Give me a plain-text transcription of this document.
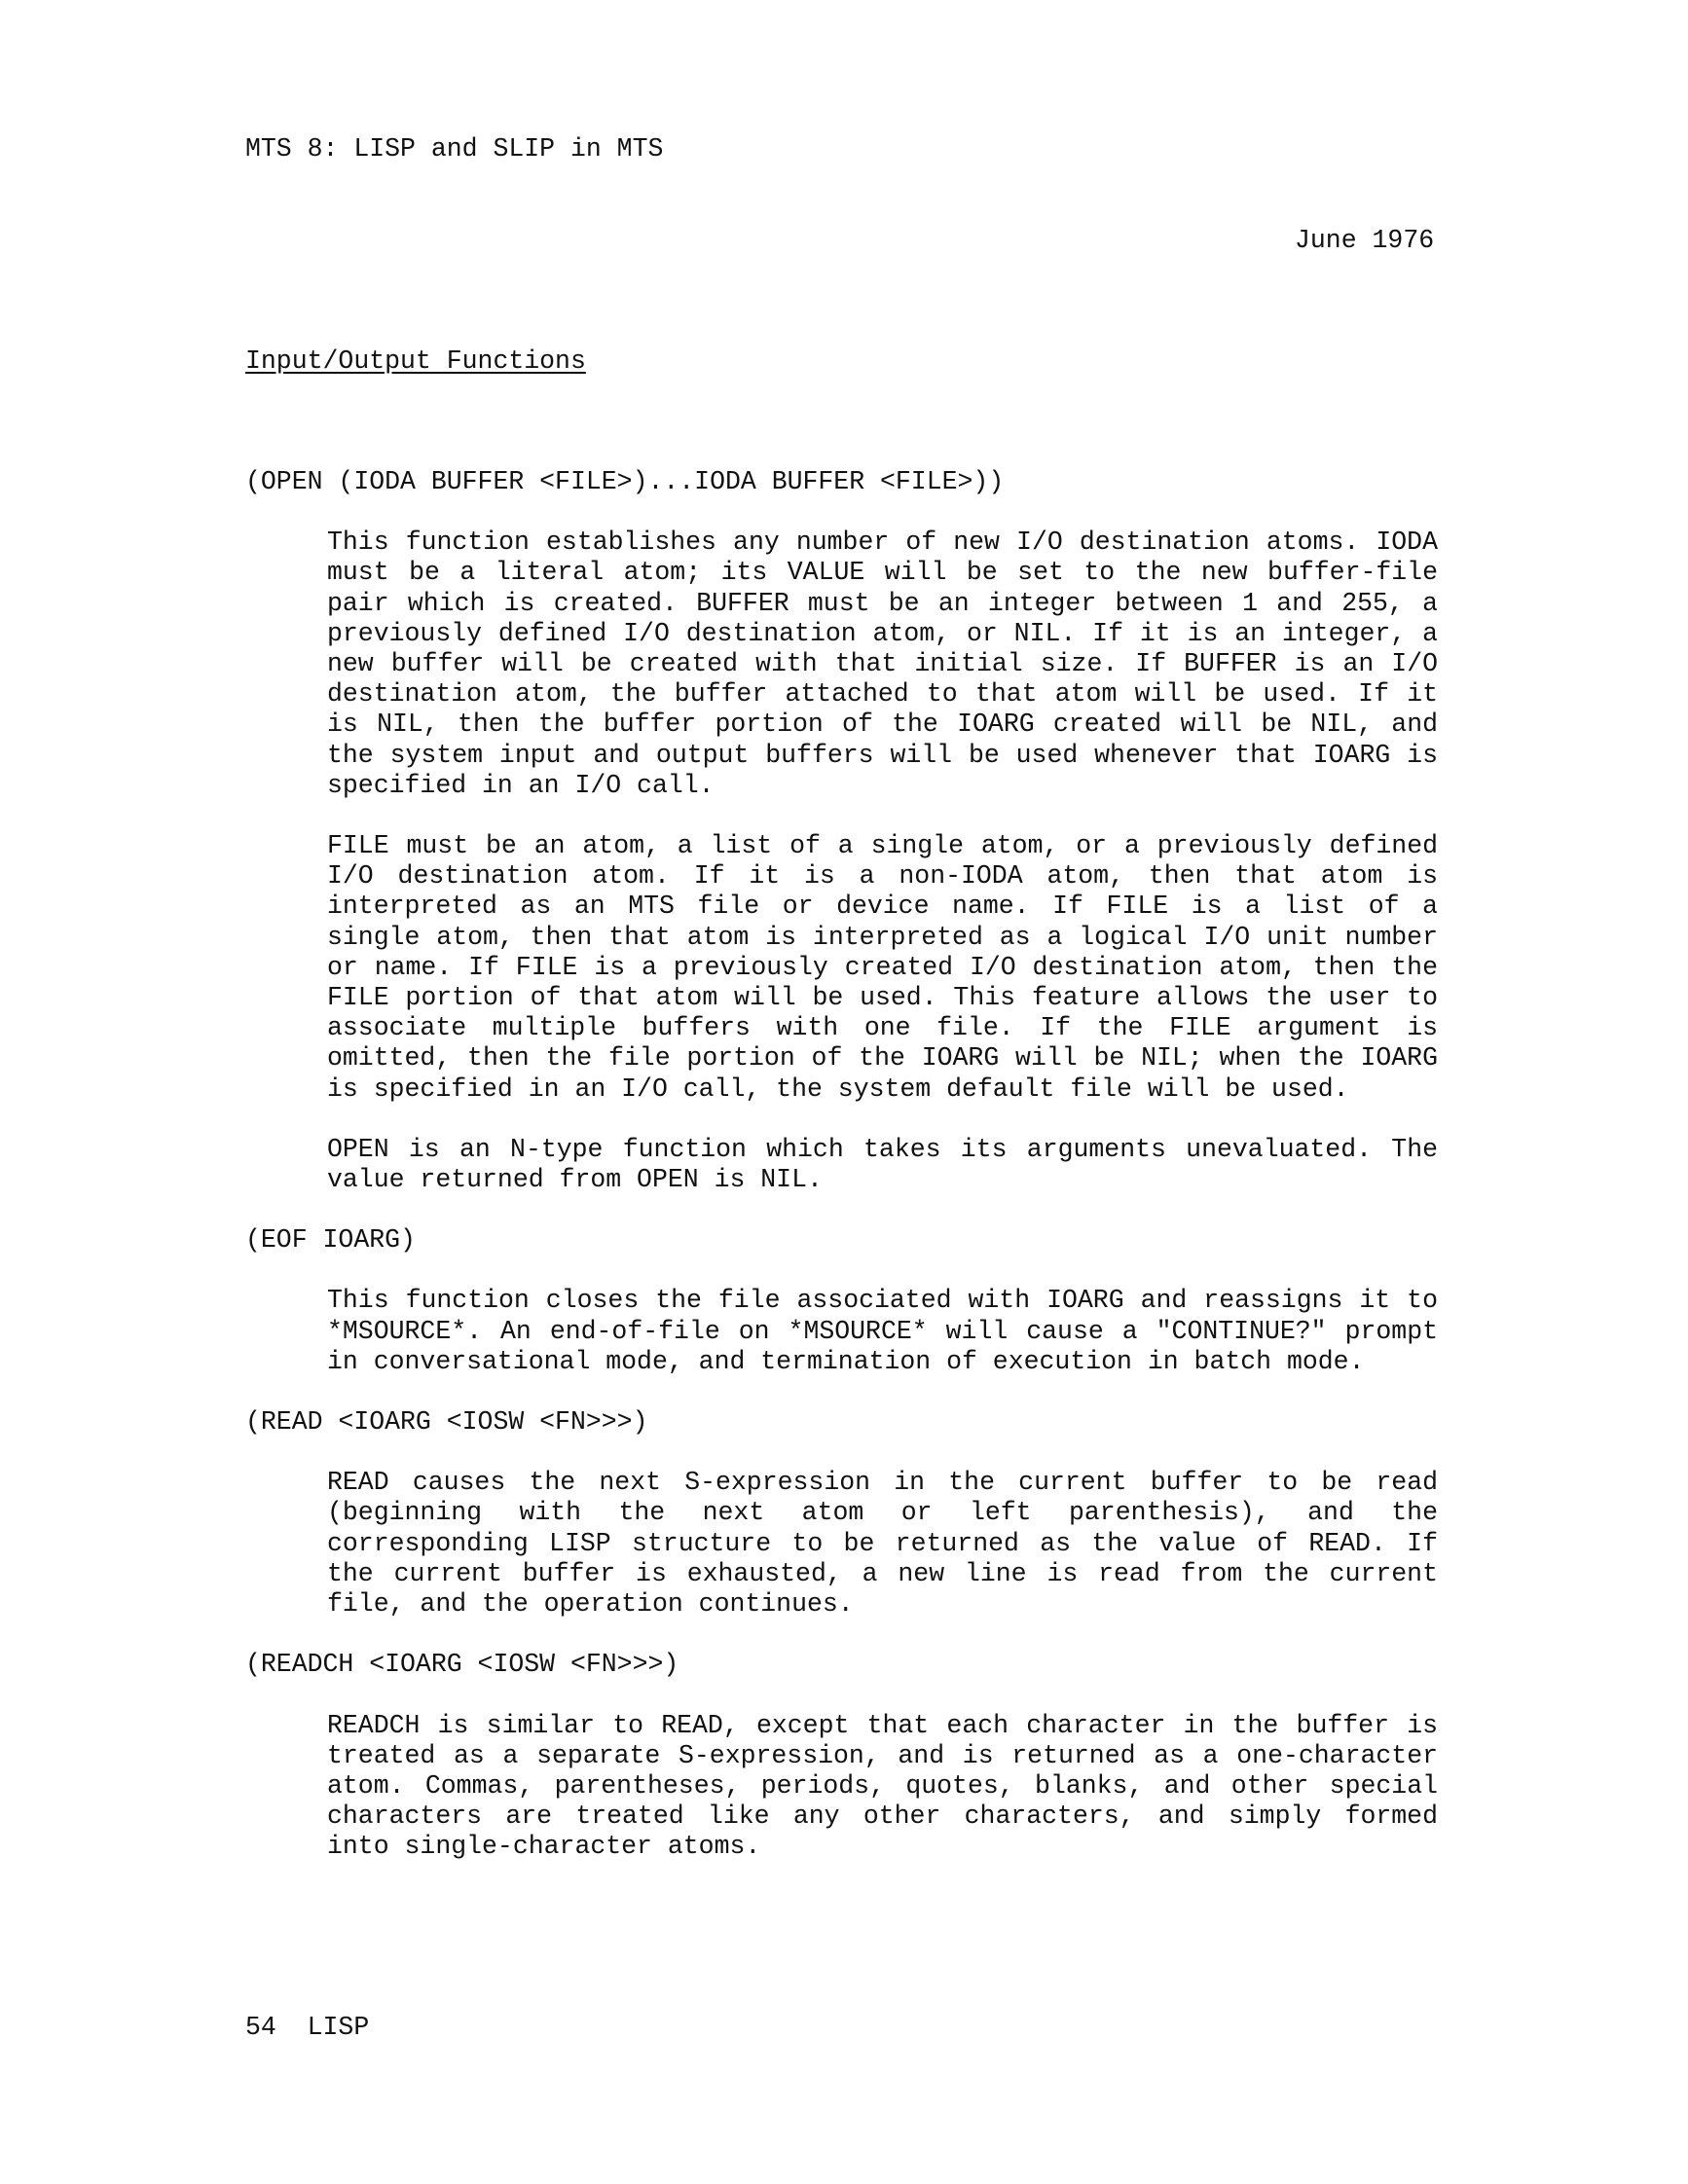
MTS 8: LISP and SLIP in MTS
June 1976
Input/Output Functions
(OPEN (IODA BUFFER <FILE>)...IODA BUFFER <FILE>))

This function establishes any number of new I/O destination atoms. IODA must be a literal atom; its VALUE will be set to the new buffer-file pair which is created. BUFFER must be an integer between 1 and 255, a previously defined I/O destination atom, or NIL. If it is an integer, a new buffer will be created with that initial size. If BUFFER is an I/O destination atom, the buffer attached to that atom will be used. If it is NIL, then the buffer portion of the IOARG created will be NIL, and the system input and output buffers will be used whenever that IOARG is specified in an I/O call.

FILE must be an atom, a list of a single atom, or a previously defined I/O destination atom. If it is a non-IODA atom, then that atom is interpreted as an MTS file or device name. If FILE is a list of a single atom, then that atom is interpreted as a logical I/O unit number or name. If FILE is a previously created I/O destination atom, then the FILE portion of that atom will be used. This feature allows the user to associate multiple buffers with one file. If the FILE argument is omitted, then the file portion of the IOARG will be NIL; when the IOARG is specified in an I/O call, the system default file will be used.

OPEN is an N-type function which takes its arguments unevaluated. The value returned from OPEN is NIL.

(EOF IOARG)

This function closes the file associated with IOARG and reassigns it to *MSOURCE*. An end-of-file on *MSOURCE* will cause a "CONTINUE?" prompt in conversational mode, and termination of execution in batch mode.

(READ <IOARG <IOSW <FN>>>)

READ causes the next S-expression in the current buffer to be read (beginning with the next atom or left parenthesis), and the corresponding LISP structure to be returned as the value of READ. If the current buffer is exhausted, a new line is read from the current file, and the operation continues.

(READCH <IOARG <IOSW <FN>>>)

READCH is similar to READ, except that each character in the buffer is treated as a separate S-expression, and is returned as a one-character atom. Commas, parentheses, periods, quotes, blanks, and other special characters are treated like any other characters, and simply formed into single-character atoms.

54  LISP
